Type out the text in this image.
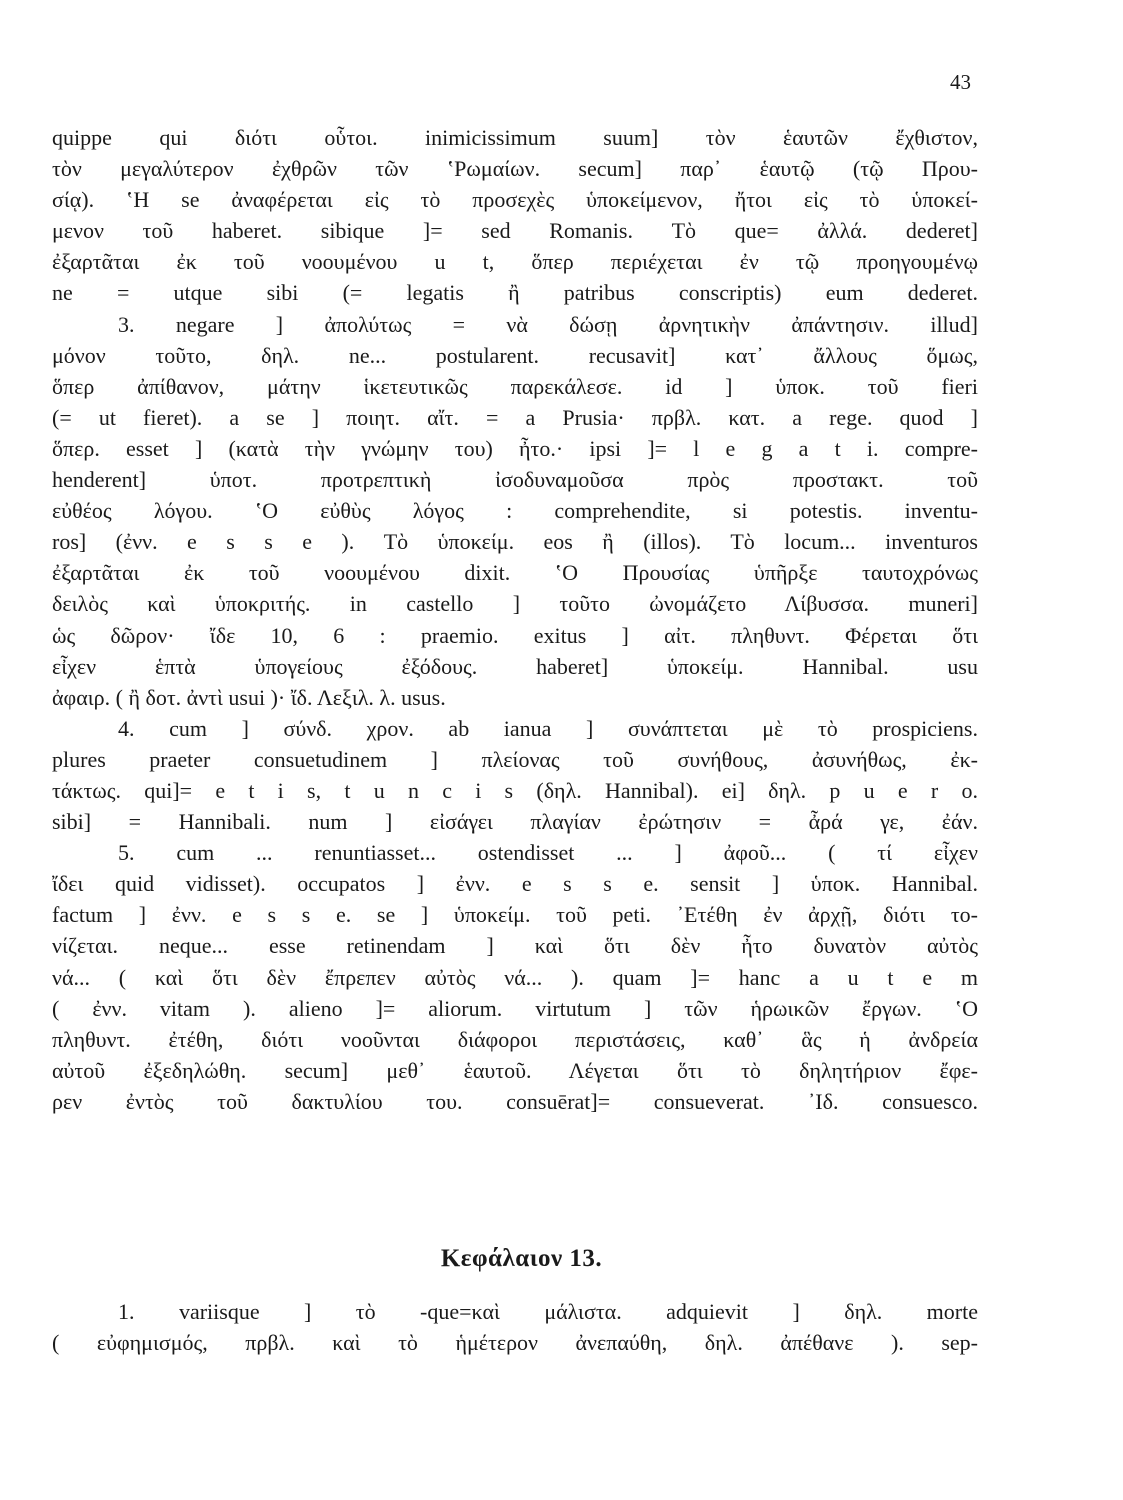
43
quippe qui διότι οὗτοι. inimicissimum suum] τὸν ἑαυτῶν ἔχθιστον,
τὸν μεγαλύτερον ἐχθρῶν τῶν ʽΡωμαίων. secum] παρ᾽ ἑαυτῷ (τῷ Πρου-
σίᾳ). ʽΗ se ἀναφέρεται εἰς τὸ προσεχὲς ὑποκείμενον, ἤτοι εἰς τὸ ὑποκεί-
μενον τοῦ haberet. sibique ]= sed Romanis. Τὸ que= ἀλλά. dederet]
ἐξαρτᾶται ἐκ τοῦ νοουμένου u t, ὅπερ περιέχεται ἐν τῷ προηγουμένῳ
ne = utque sibi (= legatis ἢ patribus conscriptis) eum dederet.
3. negare ] ἀπολύτως = νὰ δώσῃ ἀρνητικὴν ἀπάντησιν. illud]
μόνον τοῦτο, δηλ. ne... postularent. recusavit] κατ᾽ ἄλλους ὅμως,
ὅπερ ἀπίθανον, μάτην ἱκετευτικῶς παρεκάλεσε. id ] ὑποκ. τοῦ fieri
(= ut fieret). a se ] ποιητ. αἴτ. = a Prusia· πρβλ. κατ. a rege. quod ]
ὅπερ. esset ] (κατὰ τὴν γνώμην του) ἦτο.· ipsi ]= l e g a t i. compre-
henderent] ὑποτ. προτρεπτικὴ ἰσοδυναμοῦσα πρὸς προστακτ. τοῦ
εὐθέος λόγου. ʽΟ εὐθὺς λόγος : comprehendite, si potestis. inventu-
ros] (ἐνν. e s s e ). Τὸ ὑποκείμ. eos ἢ (illos). Τὸ locum... inventuros
ἐξαρτᾶται ἐκ τοῦ νοουμένου dixit. ʽΟ Προυσίας ὑπῆρξε ταυτοχρόνως
δειλὸς καὶ ὑποκριτής. in castello ] τοῦτο ὠνομάζετο Λίβυσσα. muneri]
ὡς δῶρον· ἴδε 10, 6 : praemio. exitus ] αἰτ. πληθυντ. Φέρεται ὅτι
εἶχεν ἑπτὰ ὑπογείους ἐξόδους. haberet] ὑποκείμ. Hannibal. usu
ἀφαιρ. ( ἢ δοτ. ἀντὶ usui )· ἴδ. Λεξιλ. λ. usus.
4. cum ] σύνδ. χρον. ab ianua ] συνάπτεται μὲ τὸ prospiciens.
plures praeter consuetudinem ] πλείονας τοῦ συνήθους, ἀσυνήθως, ἐκ-
τάκτως. qui]= e t i s, t u n c i s (δηλ. Hannibal). ei] δηλ. p u e r o.
sibi] = Hannibali. num ] εἰσάγει πλαγίαν ἐρώτησιν = ἆρά γε, ἐάν.
5. cum ... renuntiasset... ostendisset ... ] ἀφοῦ... ( τί εἶχεν
ἴδει quid vidisset). occupatos ] ἐνν. e s s e. sensit ] ὑποκ. Hannibal.
factum ] ἐνν. e s s e. se ] ὑποκείμ. τοῦ peti. ᾿Ετέθη ἐν ἀρχῇ, διότι το-
νίζεται. neque... esse retinendam ] καὶ ὅτι δὲν ἦτο δυνατὸν αὐτὸς
νά... ( καὶ ὅτι δὲν ἔπρεπεν αὐτὸς νά... ). quam ]= hanc a u t e m
( ἐνν. vitam ). alieno ]= aliorum. virtutum ] τῶν ἡρωικῶν ἔργων. ʽΟ
πληθυντ. ἐτέθη, διότι νοοῦνται διάφοροι περιστάσεις, καθ᾽ ἃς ἡ ἀνδρεία
αὐτοῦ ἐξεδηλώθη. secum] μεθ᾽ ἑαυτοῦ. Λέγεται ὅτι τὸ δηλητήριον ἔφε-
ρεν ἐντὸς τοῦ δακτυλίου του. consuērat]= consueverat. ᾿Ιδ. consuesco.
Κεφάλαιον 13.
1. variisque ] τὸ -que=καὶ μάλιστα. adquievit ] δηλ. morte
( εὐφημισμός, πρβλ. καὶ τὸ ἡμέτερον ἀνεπαύθη, δηλ. ἀπέθανε ). sep-
